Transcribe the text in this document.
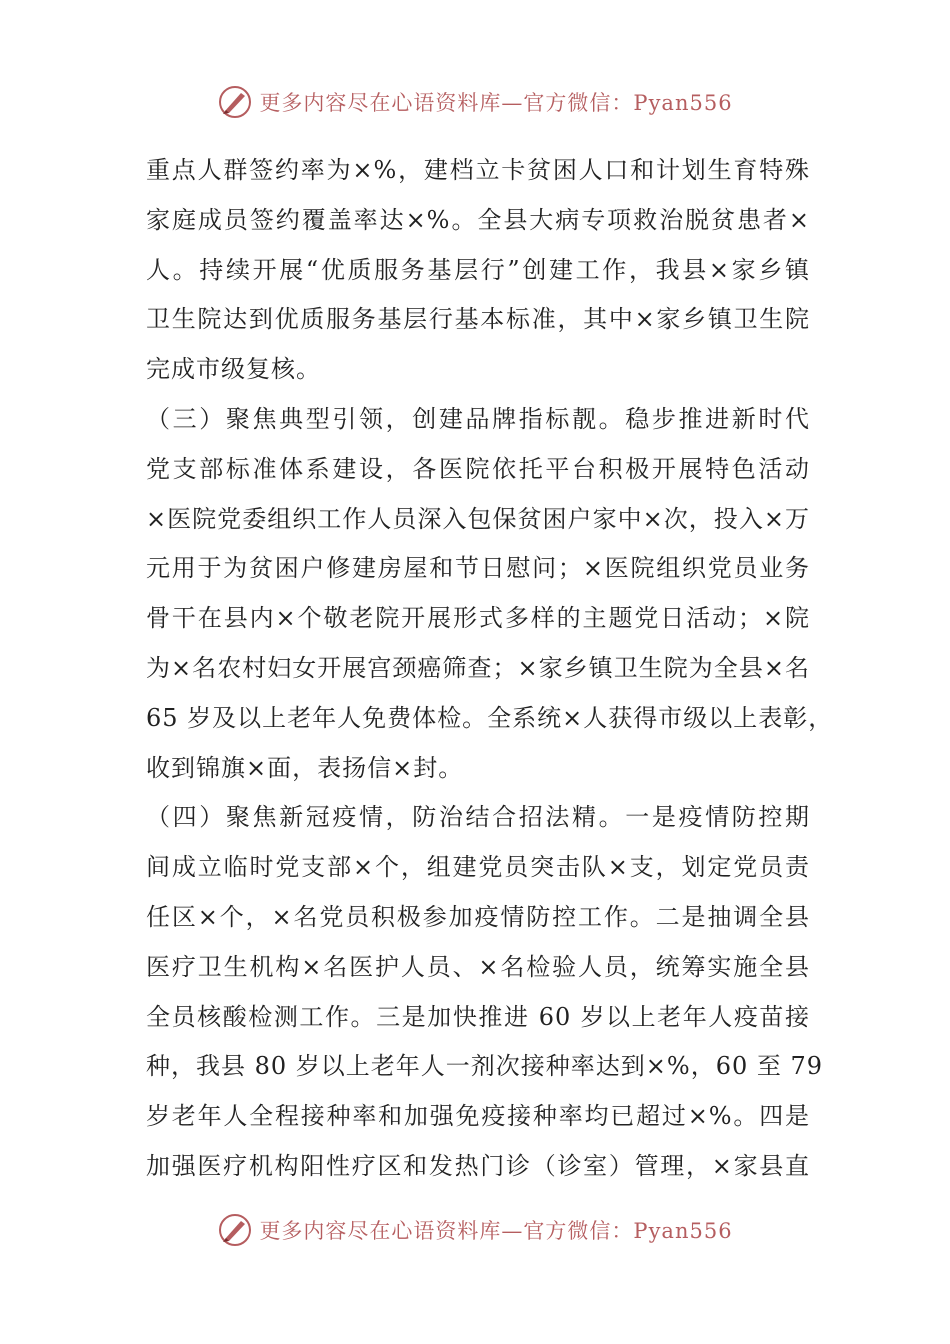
更多内容尽在心语资料库—官方微信：Pyan556
重点人群签约率为×%，建档立卡贫困人口和计划生育特殊
家庭成员签约覆盖率达×%。全县大病专项救治脱贫患者×
人。持续开展“优质服务基层行”创建工作，我县×家乡镇
卫生院达到优质服务基层行基本标准，其中×家乡镇卫生院
完成市级复核。
（三）聚焦典型引领，创建品牌指标靓。稳步推进新时代
党支部标准体系建设，各医院依托平台积极开展特色活动
×医院党委组织工作人员深入包保贫困户家中×次，投入×万
元用于为贫困户修建房屋和节日慰问；×医院组织党员业务
骨干在县内×个敬老院开展形式多样的主题党日活动；×院
为×名农村妇女开展宫颈癌筛查；×家乡镇卫生院为全县×名
65 岁及以上老年人免费体检。全系统×人获得市级以上表彰，
收到锦旗×面，表扬信×封。
（四）聚焦新冠疫情，防治结合招法精。一是疫情防控期
间成立临时党支部×个，组建党员突击队×支，划定党员责
任区×个，×名党员积极参加疫情防控工作。二是抽调全县
医疗卫生机构×名医护人员、×名检验人员，统筹实施全县
全员核酸检测工作。三是加快推进 60 岁以上老年人疫苗接
种，我县 80 岁以上老年人一剂次接种率达到×%，60 至 79
岁老年人全程接种率和加强免疫接种率均已超过×%。四是
加强医疗机构阳性疗区和发热门诊（诊室）管理，×家县直
更多内容尽在心语资料库—官方微信：Pyan556
